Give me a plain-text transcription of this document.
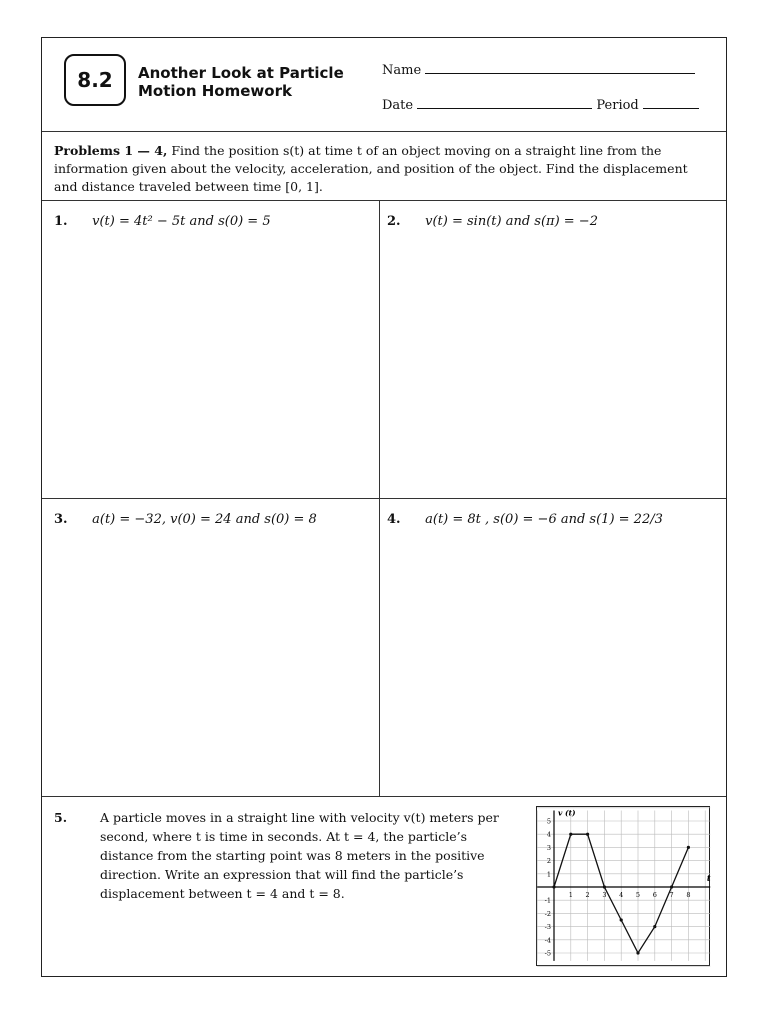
8.2	Another Look at Particle
Motion Homework
Name
Date	Period
Problems 1 — 4, Find the position s(t) at time t of an object moving on a straight line from the information given about the velocity, acceleration, and position of the object. Find the displacement and distance traveled between time [0, 1].
1. v(t) = 4t² − 5t and s(0) = 5	2. v(t) = sin(t) and s(π) = −2
3. a(t) = −32, v(0) = 24 and s(0) = 8	4. a(t) = 8t , s(0) = −6 and s(1) = 22/3
5.	A particle moves in a straight line with velocity v(t) meters per second, where t is time in seconds. At t = 4, the particle’s distance from the starting point was 8 meters in the positive direction. Write an expression that will find the particle’s displacement between t = 4 and t = 8.	1 2 3 4 5 6 7 8
5
4
3
2
1
-1
-2
-3
-4
-5
v (t)
t
